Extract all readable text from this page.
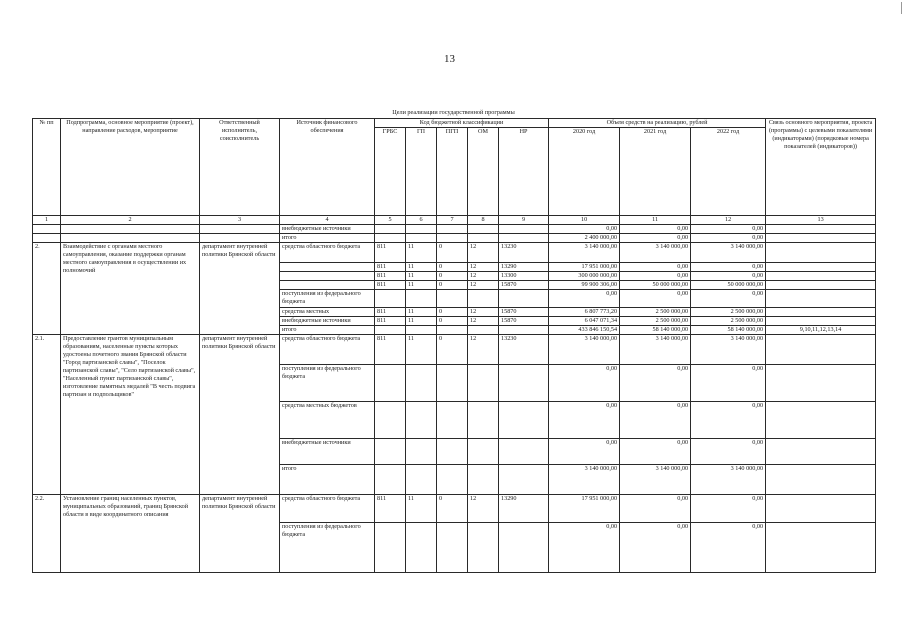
13
Цели реализации государственной программы
№ пп	Подпрограмма, основное мероприятие (проект), направление расходов, мероприятие	Ответственный исполнитель, соисполнитель	Источник финансового обеспечения	Код бюджетной классификации					Объем средств на реализацию, рублей			Связь основного мероприятия, проекта (программы) с целевыми показателями (индикаторами) (порядковые номера показателей (индикаторов))
				ГРБС	ГП	ПГП	ОМ	НР	2020 год	2021 год	2022 год	
1	2	3	4	5	6	7	8	9	10	11	12	13
			внебюджетные источники						0,00	0,00	0,00	
			итого						2 400 000,00	0,00	0,00	
2.	Взаимодействие с органами местного самоуправления, оказание поддержки органам местного самоуправления в осуществлении их полномочий	департамент внутренней политики Брянской области	средства областного бюджета	811	11	0	12	13230	3 140 000,00	3 140 000,00	3 140 000,00	
				811	11	0	12	13290	17 951 000,00	0,00	0,00	
				811	11	0	12	13300	300 000 000,00	0,00	0,00	
				811	11	0	12	15870	99 900 306,00	50 000 000,00	50 000 000,00	
			поступления из федерального бюджета						0,00	0,00	0,00	
			средства местных	811	11	0	12	15870	6 807 773,20	2 500 000,00	2 500 000,00	
			внебюджетные источники	811	11	0	12	15870	6 047 071,34	2 500 000,00	2 500 000,00	
			итого						433 846 150,54	58 140 000,00	58 140 000,00	9,10,11,12,13,14
2.1.	Предоставление грантов муниципальным образованиям, населенные пункты которых удостоены почетного звания Брянской области "Город партизанской славы", "Поселок партизанской славы", "Село партизанской славы", "Населенный пункт партизанской славы", изготовление памятных медалей "В честь подвига партизан и подпольщиков"	департамент внутренней политики Брянской области	средства областного бюджета	811	11	0	12	13230	3 140 000,00	3 140 000,00	3 140 000,00	
			поступления из федерального бюджета						0,00	0,00	0,00	
			средства местных бюджетов						0,00	0,00	0,00	
			внебюджетные источники						0,00	0,00	0,00	
			итого						3 140 000,00	3 140 000,00	3 140 000,00	
2.2.	Установление границ населенных пунктов, муниципальных образований, границ Брянской области в виде координатного описания	департамент внутренней политики Брянской области	средства областного бюджета	811	11	0	12	13290	17 951 000,00	0,00	0,00	
			поступления из федерального бюджета						0,00	0,00	0,00	
